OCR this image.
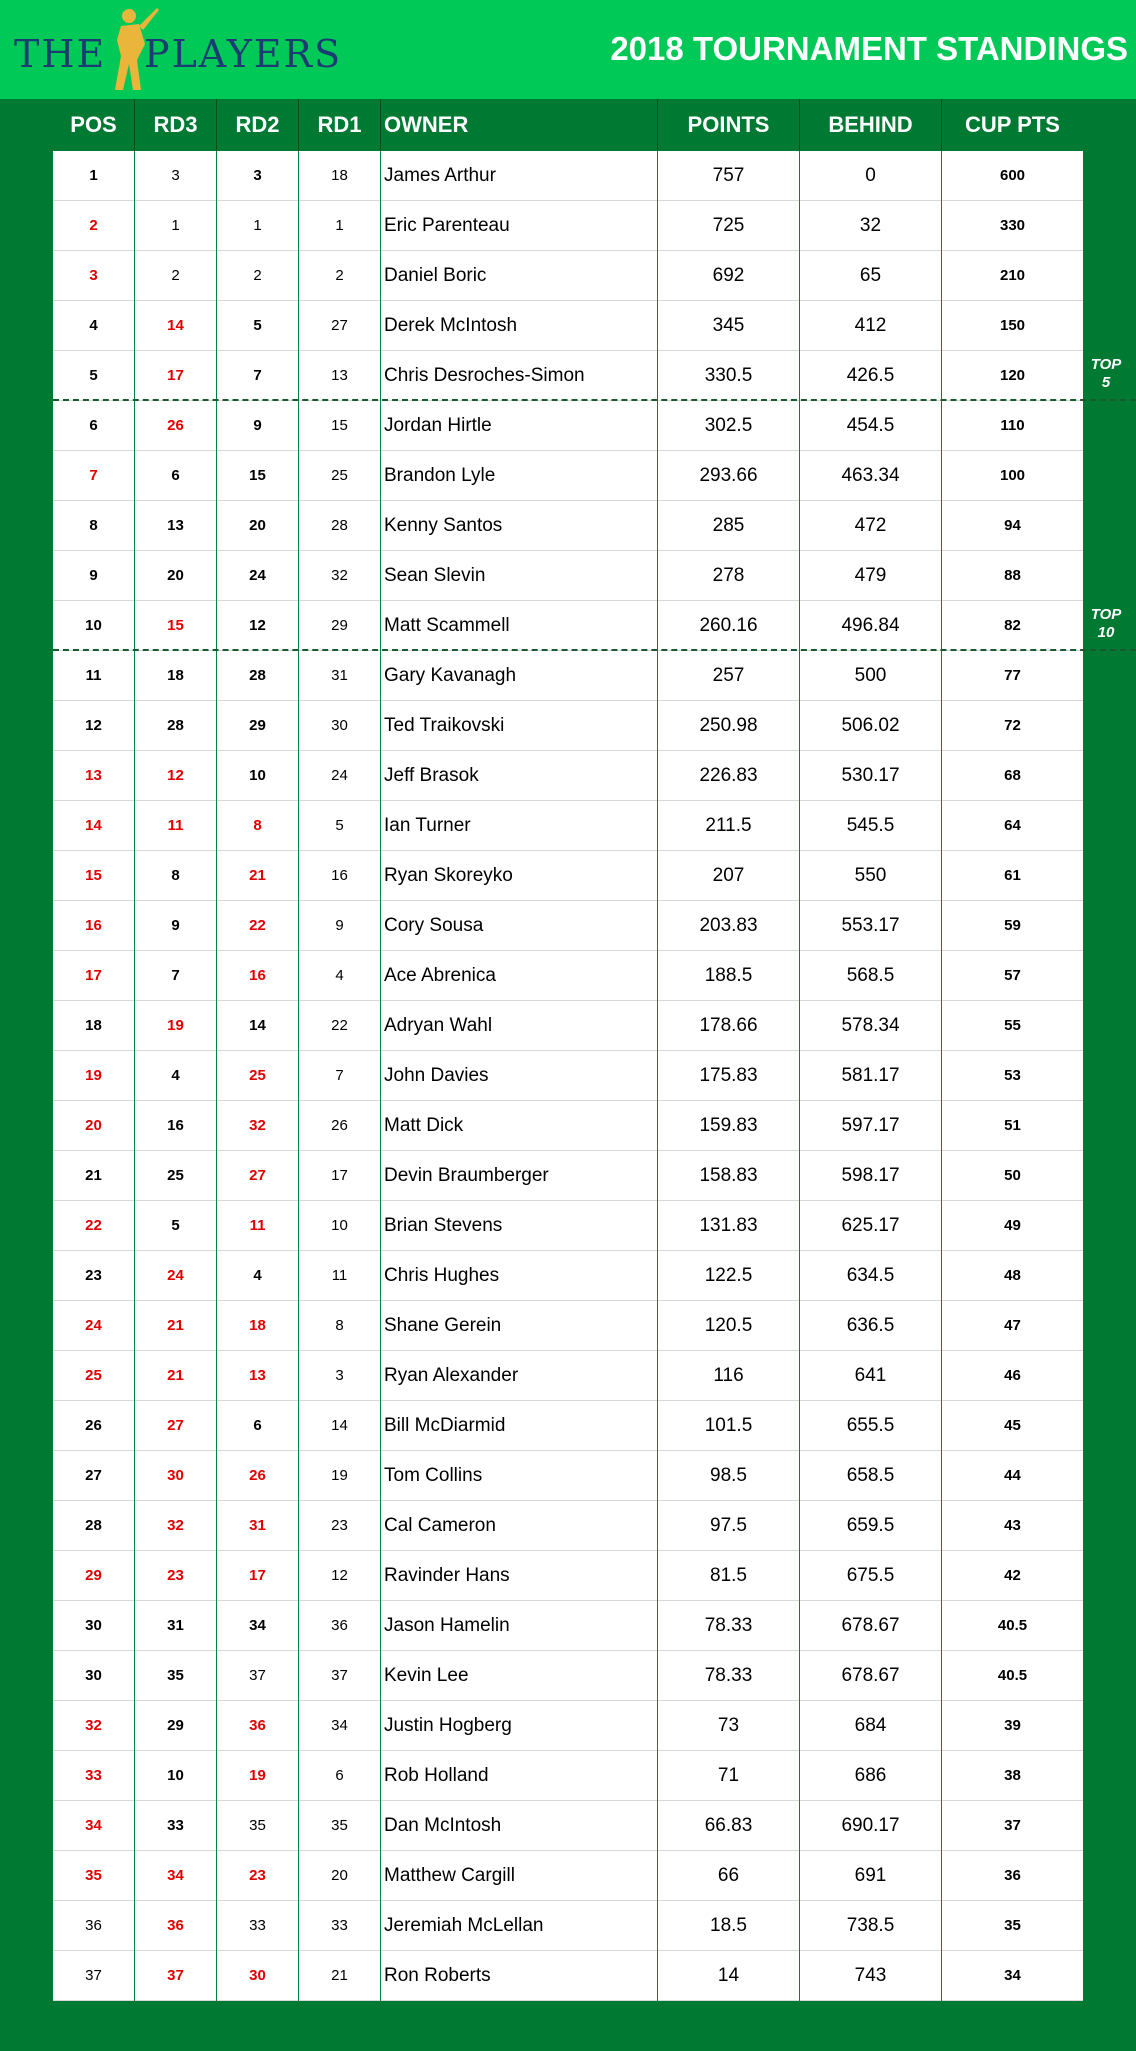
THE PLAYERS	2018 TOURNAMENT STANDINGS
POS	RD3	RD2	RD1	OWNER	POINTS	BEHIND	CUP PTS
1	3	3	18	James Arthur	757	0	600
2	1	1	1	Eric Parenteau	725	32	330
3	2	2	2	Daniel Boric	692	65	210
4	14	5	27	Derek McIntosh	345	412	150
5	17	7	13	Chris Desroches-Simon	330.5	426.5	120
6	26	9	15	Jordan Hirtle	302.5	454.5	110
7	6	15	25	Brandon Lyle	293.66	463.34	100
8	13	20	28	Kenny Santos	285	472	94
9	20	24	32	Sean Slevin	278	479	88
10	15	12	29	Matt Scammell	260.16	496.84	82
11	18	28	31	Gary Kavanagh	257	500	77
12	28	29	30	Ted Traikovski	250.98	506.02	72
13	12	10	24	Jeff Brasok	226.83	530.17	68
14	11	8	5	Ian Turner	211.5	545.5	64
15	8	21	16	Ryan Skoreyko	207	550	61
16	9	22	9	Cory Sousa	203.83	553.17	59
17	7	16	4	Ace Abrenica	188.5	568.5	57
18	19	14	22	Adryan Wahl	178.66	578.34	55
19	4	25	7	John Davies	175.83	581.17	53
20	16	32	26	Matt Dick	159.83	597.17	51
21	25	27	17	Devin Braumberger	158.83	598.17	50
22	5	11	10	Brian Stevens	131.83	625.17	49
23	24	4	11	Chris Hughes	122.5	634.5	48
24	21	18	8	Shane Gerein	120.5	636.5	47
25	21	13	3	Ryan Alexander	116	641	46
26	27	6	14	Bill McDiarmid	101.5	655.5	45
27	30	26	19	Tom Collins	98.5	658.5	44
28	32	31	23	Cal Cameron	97.5	659.5	43
29	23	17	12	Ravinder Hans	81.5	675.5	42
30	31	34	36	Jason Hamelin	78.33	678.67	40.5
30	35	37	37	Kevin Lee	78.33	678.67	40.5
32	29	36	34	Justin Hogberg	73	684	39
33	10	19	6	Rob Holland	71	686	38
34	33	35	35	Dan McIntosh	66.83	690.17	37
35	34	23	20	Matthew Cargill	66	691	36
36	36	33	33	Jeremiah McLellan	18.5	738.5	35
37	37	30	21	Ron Roberts	14	743	34
TOP
5
TOP
10
